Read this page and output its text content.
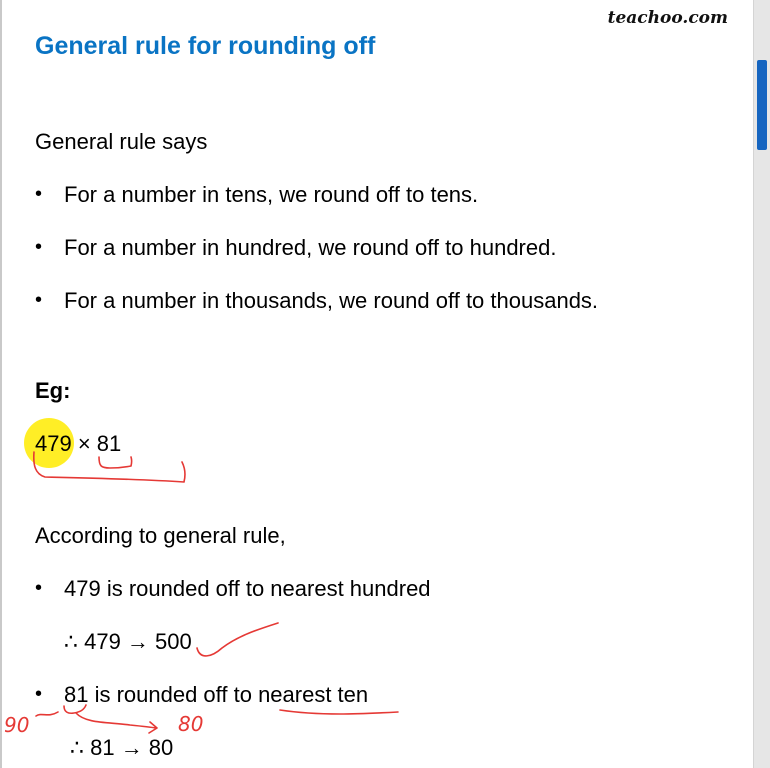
teachoo.com
General rule for rounding off
General rule says
• For a number in tens, we round off to tens.
• For a number in hundred, we round off to hundred.
• For a number in thousands, we round off to thousands.
Eg:
479 × 81
According to general rule,
• 479 is rounded off to nearest hundred
∴ 479 → 500
• 81 is rounded off to nearest ten
∴ 81 → 80
90	80
